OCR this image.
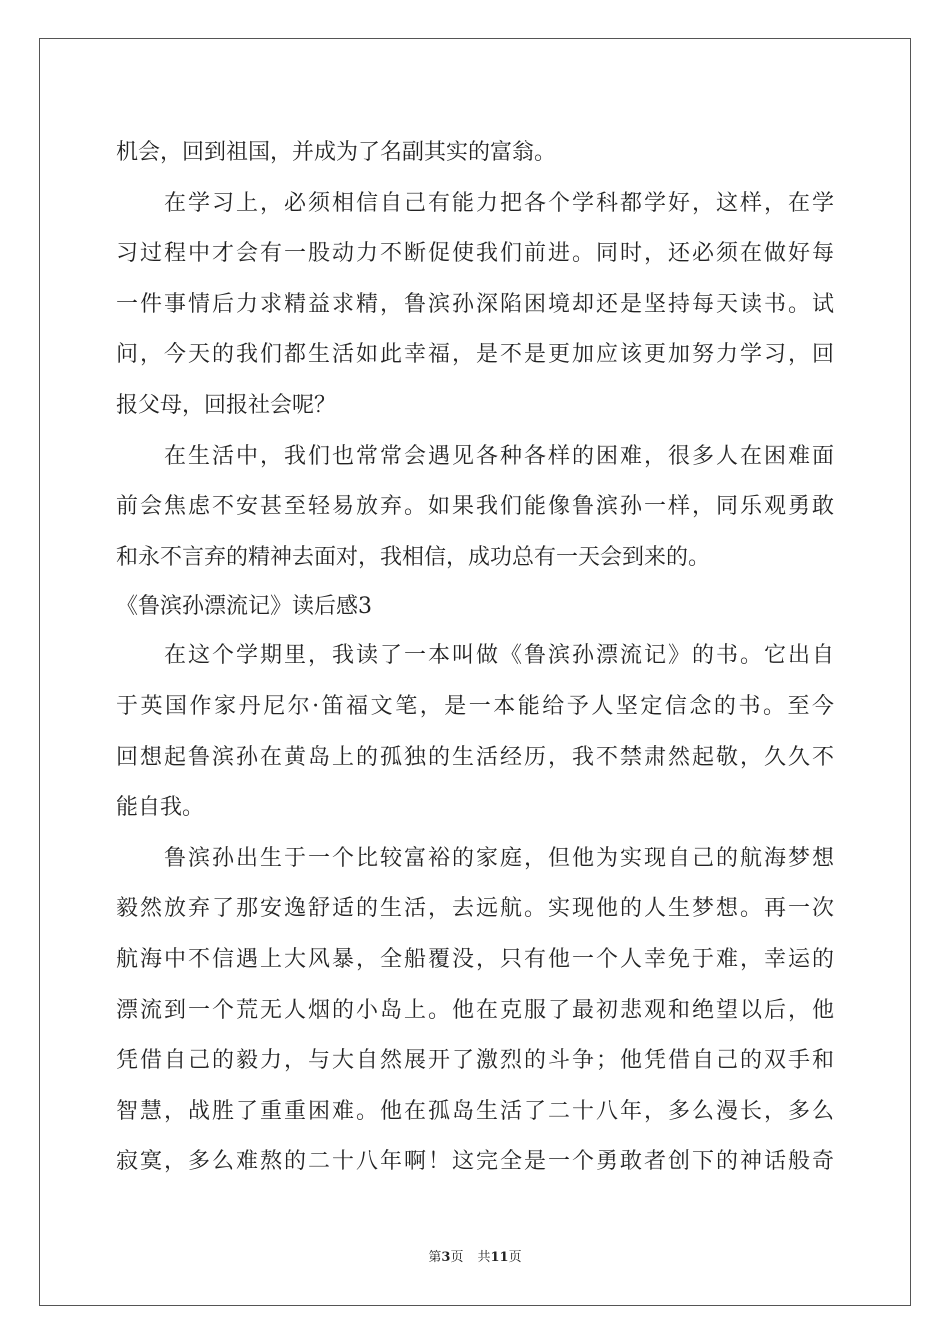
机会，回到祖国，并成为了名副其实的富翁。
在学习上，必须相信自己有能力把各个学科都学好，这样，在学
习过程中才会有一股动力不断促使我们前进。同时，还必须在做好每
一件事情后力求精益求精，鲁滨孙深陷困境却还是坚持每天读书。试
问，今天的我们都生活如此幸福，是不是更加应该更加努力学习，回
报父母，回报社会呢？
在生活中，我们也常常会遇见各种各样的困难，很多人在困难面
前会焦虑不安甚至轻易放弃。如果我们能像鲁滨孙一样，同乐观勇敢
和永不言弃的精神去面对，我相信，成功总有一天会到来的。
《鲁滨孙漂流记》读后感3
在这个学期里，我读了一本叫做《鲁滨孙漂流记》的书。它出自
于英国作家丹尼尔·笛福文笔，是一本能给予人坚定信念的书。至今
回想起鲁滨孙在黄岛上的孤独的生活经历，我不禁肃然起敬，久久不
能自我。
鲁滨孙出生于一个比较富裕的家庭，但他为实现自己的航海梦想
毅然放弃了那安逸舒适的生活，去远航。实现他的人生梦想。再一次
航海中不信遇上大风暴，全船覆没，只有他一个人幸免于难，幸运的
漂流到一个荒无人烟的小岛上。他在克服了最初悲观和绝望以后，他
凭借自己的毅力，与大自然展开了激烈的斗争；他凭借自己的双手和
智慧，战胜了重重困难。他在孤岛生活了二十八年，多么漫长，多么
寂寞，多么难熬的二十八年啊！这完全是一个勇敢者创下的神话般奇
第3页 共11页
